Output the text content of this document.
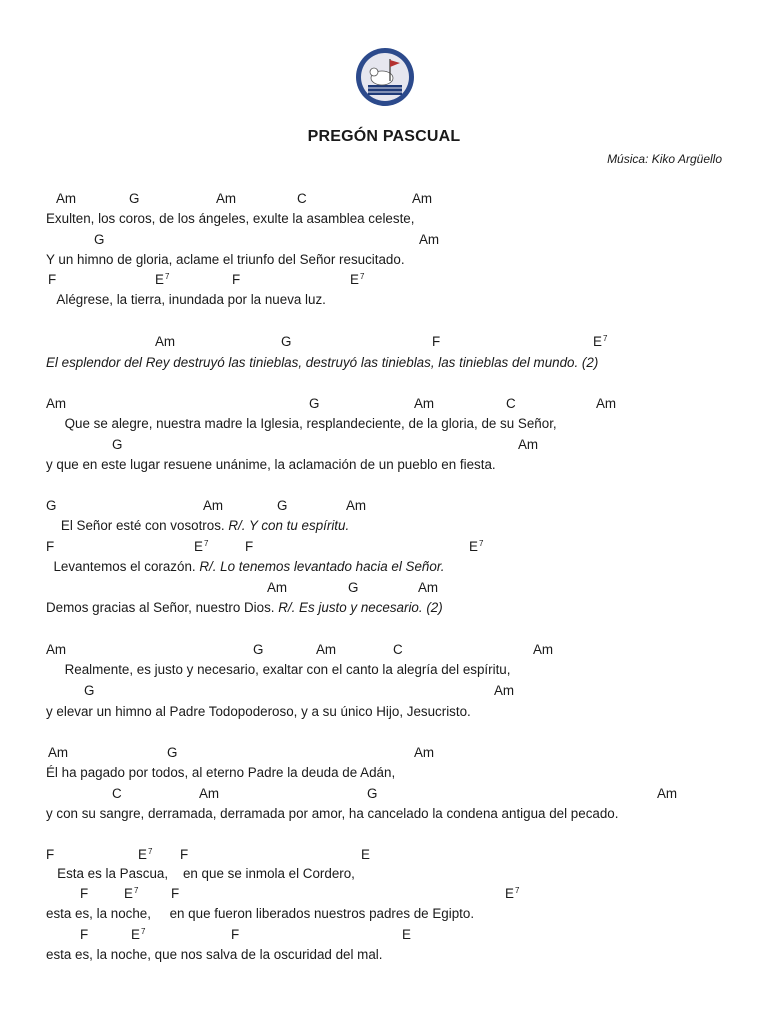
PREGÓN PASCUAL
Música: Kiko Argüello
Am	G	Am	C	Am
Exulten, los coros, de los ángeles, exulte la asamblea celeste,
G	Am
Y un himno de gloria, aclame el triunfo del Señor resucitado.
F	$E^7$	F	$E^7$
Alégrese, la tierra, inundada por la nueva luz.
Am	G	F	$E^7$
El esplendor del Rey destruyó las tinieblas, destruyó las tinieblas, las tinieblas del mundo. (2)
Am	G	Am	C	Am
Que se alegre, nuestra madre la Iglesia, resplandeciente, de la gloria, de su Señor,
G	Am
y que en este lugar resuene unánime, la aclamación de un pueblo en fiesta.
G	Am	G	Am
El Señor esté con vosotros. R/. Y con tu espíritu.
F	$E^7$	F	$E^7$
Levantemos el corazón. R/. Lo tenemos levantado hacia el Señor.
Am	G	Am
Demos gracias al Señor, nuestro Dios. R/. Es justo y necesario. (2)
Am	G	Am	C	Am
Realmente, es justo y necesario, exaltar con el canto la alegría del espíritu,
G	Am
y elevar un himno al Padre Todopoderoso, y a su único Hijo, Jesucristo.
Am	G	Am
Él ha pagado por todos, al eterno Padre la deuda de Adán,
C	Am	G	Am
y con su sangre, derramada, derramada por amor, ha cancelado la condena antigua del pecado.
F	$E^7$ F	E
Esta es la Pascua,    en que se inmola el Cordero,
F	$E^7$ F	$E^7$
esta es, la noche,     en que fueron liberados nuestros padres de Egipto.
F	$E^7$	F	E
esta es, la noche, que nos salva de la oscuridad del mal.
